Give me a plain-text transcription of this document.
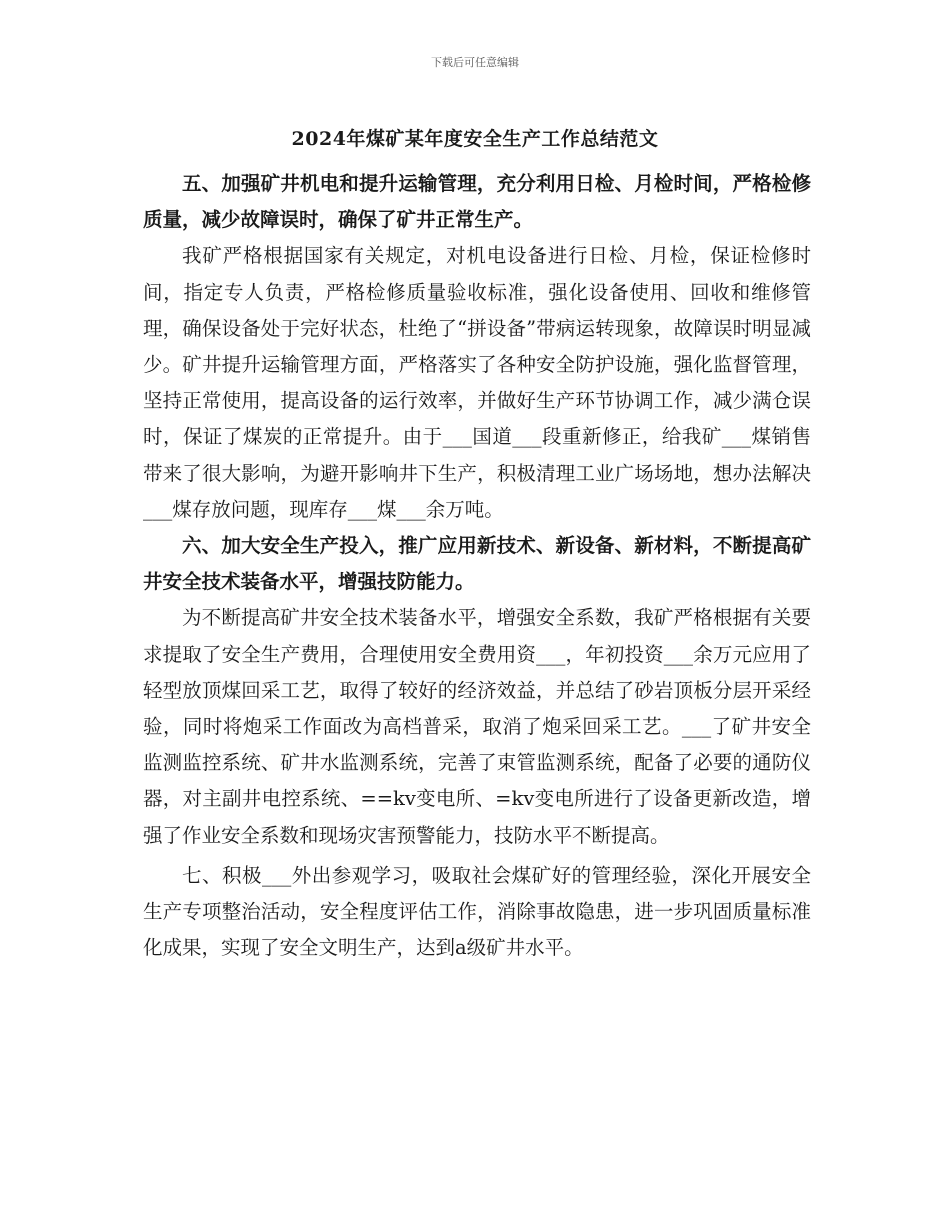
下载后可任意编辑
2024年煤矿某年度安全生产工作总结范文

五、加强矿井机电和提升运输管理，充分利用日检、月检时间，严格检修质量，减少故障误时，确保了矿井正常生产。

我矿严格根据国家有关规定，对机电设备进行日检、月检，保证检修时间，指定专人负责，严格检修质量验收标准，强化设备使用、回收和维修管理，确保设备处于完好状态，杜绝了“拼设备”带病运转现象，故障误时明显减少。矿井提升运输管理方面，严格落实了各种安全防护设施，强化监督管理，坚持正常使用，提高设备的运行效率，并做好生产环节协调工作，减少满仓误时，保证了煤炭的正常提升。由于___国道___段重新修正，给我矿___煤销售带来了很大影响，为避开影响井下生产，积极清理工业广场场地，想办法解决___煤存放问题，现库存___煤___余万吨。

六、加大安全生产投入，推广应用新技术、新设备、新材料，不断提高矿井安全技术装备水平，增强技防能力。

为不断提高矿井安全技术装备水平，增强安全系数，我矿严格根据有关要求提取了安全生产费用，合理使用安全费用资___，年初投资___余万元应用了轻型放顶煤回采工艺，取得了较好的经济效益，并总结了砂岩顶板分层开采经验，同时将炮采工作面改为高档普采，取消了炮采回采工艺。___了矿井安全监测监控系统、矿井水监测系统，完善了束管监测系统，配备了必要的通防仪器，对主副井电控系统、==kv变电所、=kv变电所进行了设备更新改造，增强了作业安全系数和现场灾害预警能力，技防水平不断提高。

七、积极___外出参观学习，吸取社会煤矿好的管理经验，深化开展安全生产专项整治活动，安全程度评估工作，消除事故隐患，进一步巩固质量标准化成果，实现了安全文明生产，达到a级矿井水平。
